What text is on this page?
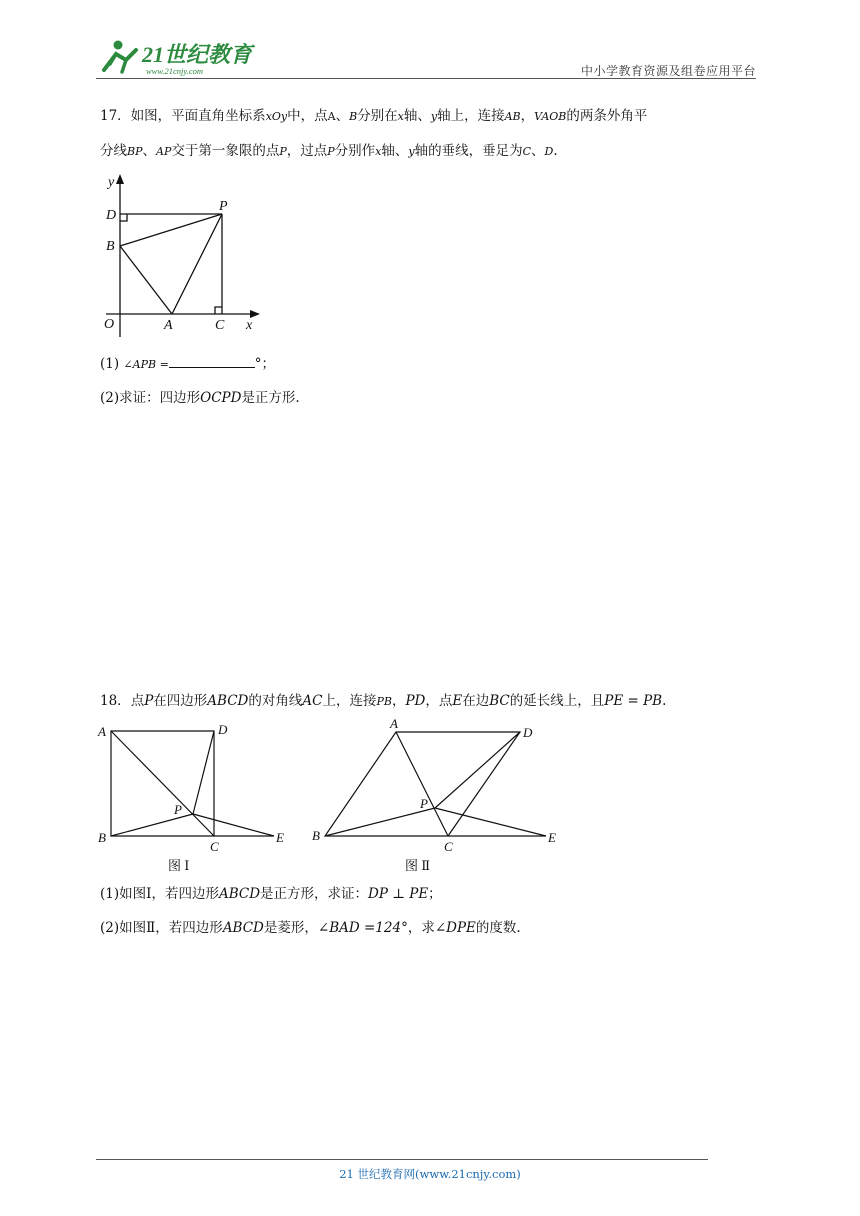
21世纪教育
www.21cnjy.com	中小学教育资源及组卷应用平台
17．如图，平面直角坐标系xOy中，点A、B分别在x轴、y轴上，连接AB，VAOB的两条外角平
分线BP、AP交于第一象限的点P，过点P分别作x轴、y轴的垂线，垂足为C、D.
y
D
P
B
O	A	C x
(1) ∠APB =	°；
(2)求证：四边形OCPD是正方形.
18．点P在四边形ABCD的对角线AC上，连接PB，PD，点E在边BC的延长线上，且PE = PB.
A	D
P
B
C
E
图 Ⅰ
A
D
P
B
C
E
图 Ⅱ
(1)如图Ⅰ，若四边形ABCD是正方形，求证：DP ⊥ PE；
(2)如图Ⅱ，若四边形ABCD是菱形，∠BAD =124°，求∠DPE的度数.
21 世纪教育网(www.21cnjy.com)
